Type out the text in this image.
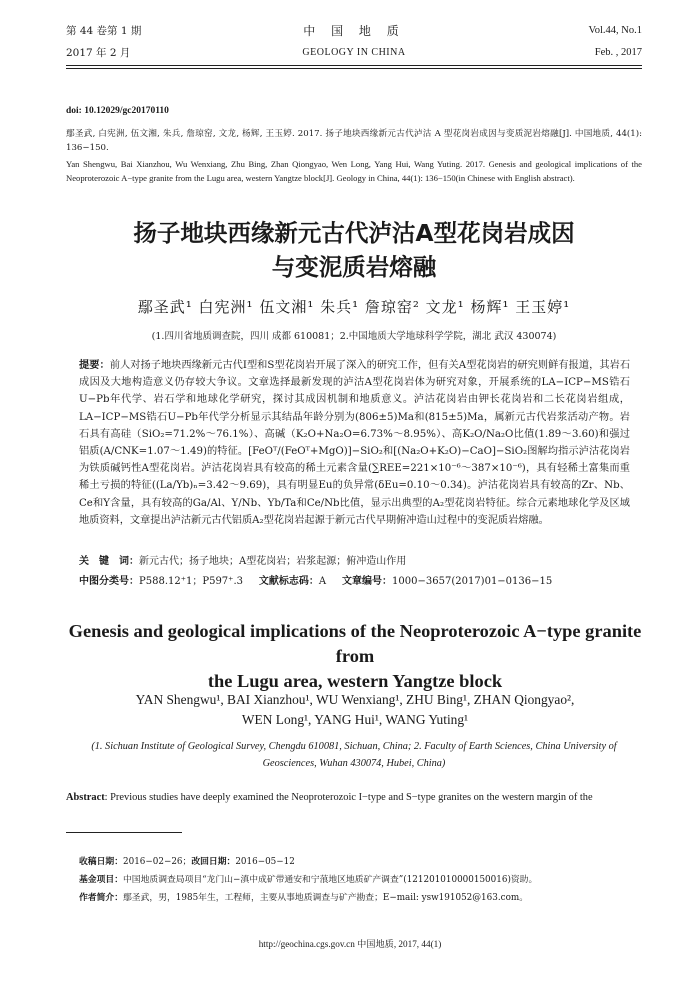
第 44 卷第 1 期	中 国 地 质	Vol.44, No.1
2017 年 2 月	GEOLOGY IN CHINA	Feb. , 2017
doi: 10.12029/gc20170110

鄢圣武, 白宪洲, 伍文湘, 朱兵, 詹琼窑, 文龙, 杨辉, 王玉婷. 2017. 扬子地块西缘新元古代泸沽 A 型花岗岩成因与变质泥岩熔融[J]. 中国地质, 44(1): 136−150.

Yan Shengwu, Bai Xianzhou, Wu Wenxiang, Zhu Bing, Zhan Qiongyao, Wen Long, Yang Hui, Wang Yuting. 2017. Genesis and geological implications of the Neoproterozoic A−type granite from the Lugu area, western Yangtze block[J]. Geology in China, 44(1): 136−150(in Chinese with English abstract).

扬子地块西缘新元古代泸沽A型花岗岩成因
与变泥质岩熔融
鄢圣武¹ 白宪洲¹ 伍文湘¹ 朱兵¹ 詹琼窑² 文龙¹ 杨辉¹ 王玉婷¹
(1.四川省地质调查院，四川 成都 610081；2.中国地质大学地球科学学院，湖北 武汉 430074)
提要：前人对扬子地块西缘新元古代I型和S型花岗岩开展了深入的研究工作，但有关A型花岗岩的研究则鲜有报道，其岩石成因及大地构造意义仍存较大争议。文章选择最新发现的泸沽A型花岗岩体为研究对象，开展系统的LA−ICP−MS锆石U−Pb年代学、岩石学和地球化学研究，探讨其成因机制和地质意义。泸沽花岗岩由钾长花岗岩和二长花岗岩组成，LA−ICP−MS锆石U−Pb年代学分析显示其结晶年龄分别为(806±5)Ma和(815±5)Ma，属新元古代岩浆活动产物。岩石具有高硅（SiO₂=71.2%～76.1%）、高碱（K₂O+Na₂O=6.73%～8.95%）、高K₂O/Na₂O比值(1.89～3.60)和强过铝质(A/CNK=1.07～1.49)的特征。[FeOᵀ/(FeOᵀ+MgO)]−SiO₂和[(Na₂O+K₂O)−CaO]−SiO₂图解均指示泸沽花岗岩为铁质碱钙性A型花岗岩。泸沽花岗岩具有较高的稀土元素含量(∑REE=221×10⁻⁶～387×10⁻⁶)，具有轻稀土富集而重稀土亏损的特征((La/Yb)ₙ=3.42～9.69)，具有明显Eu的负异常(δEu=0.10～0.34)。泸沽花岗岩具有较高的Zr、Nb、Ce和Y含量，具有较高的Ga/Al、Y/Nb、Yb/Ta和Ce/Nb比值，显示出典型的A₂型花岗岩特征。综合元素地球化学及区域地质资料，文章提出泸沽新元古代铝质A₂型花岗岩起源于新元古代早期俯冲造山过程中的变泥质岩熔融。
关　键　词：新元古代；扬子地块；A型花岗岩；岩浆起源；俯冲造山作用
中图分类号：P588.12⁺1；P597⁺.3 文献标志码：A 文章编号：1000−3657(2017)01−0136−15
Genesis and geological implications of the Neoproterozoic A−type granite from
the Lugu area, western Yangtze block
YAN Shengwu¹, BAI Xianzhou¹, WU Wenxiang¹, ZHU Bing¹, ZHAN Qiongyao²,
WEN Long¹, YANG Hui¹, WANG Yuting¹
(1. Sichuan Institute of Geological Survey, Chengdu 610081, Sichuan, China; 2. Faculty of Earth Sciences, China University of
Geosciences, Wuhan 430074, Hubei, China)
Abstract: Previous studies have deeply examined the Neoproterozoic I−type and S−type granites on the western margin of the
收稿日期：2016−02−26；改回日期：2016−05−12
基金项目：中国地质调查局项目“龙门山−滇中成矿带通安和宁蒗地区地质矿产调查”(121201010000150016)资助。
作者简介：鄢圣武，男，1985年生，工程师，主要从事地质调查与矿产勘查；E−mail: ysw191052@163.com。
http://geochina.cgs.gov.cn 中国地质, 2017, 44(1)
